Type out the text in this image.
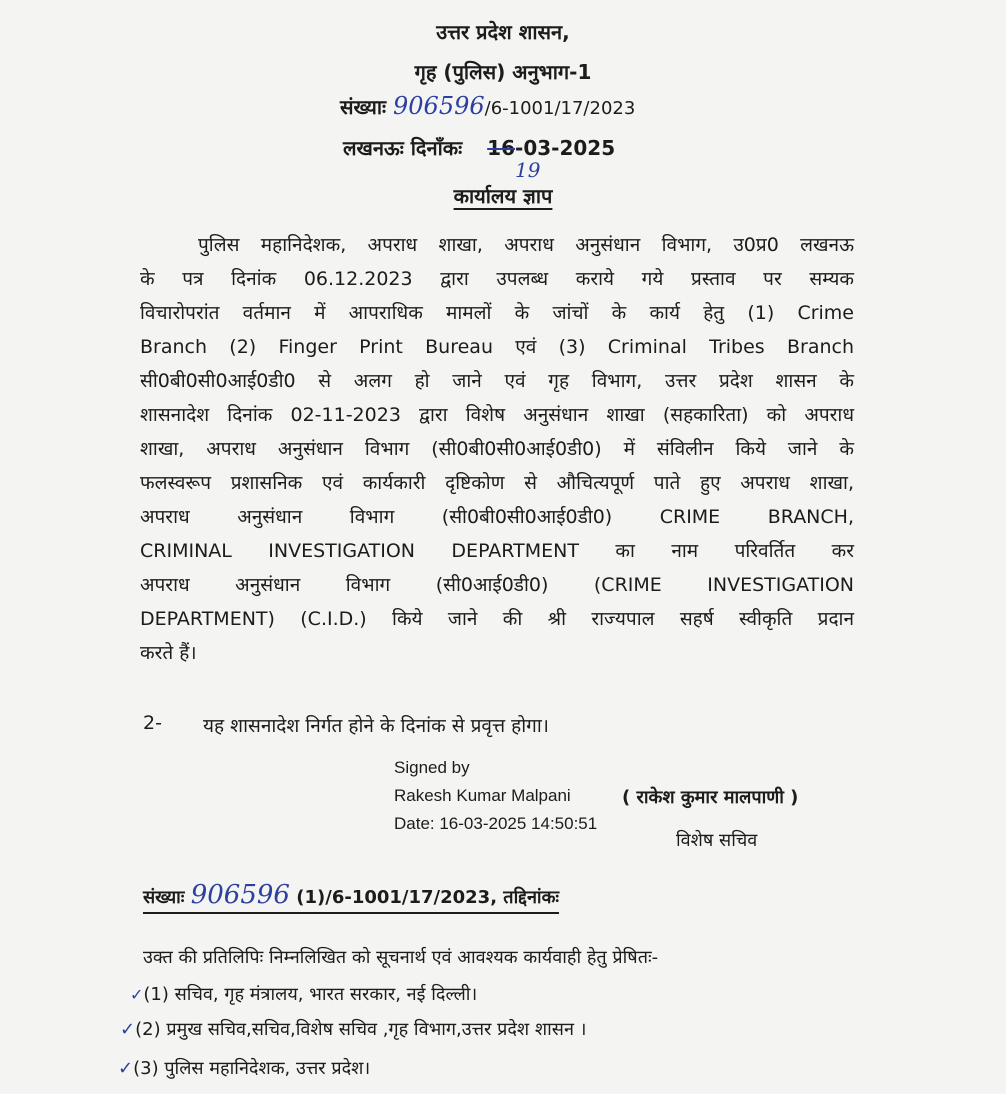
उत्तर प्रदेश शासन,
गृह (पुलिस) अनुभाग-1
संख्याः 906596/6-1001/17/2023
लखनऊः दिनाँकः 16-03-2025
19
कार्यालय ज्ञाप
पुलिस महानिदेशक, अपराध शाखा, अपराध अनुसंधान विभाग, उ0प्र0 लखनऊ
के पत्र दिनांक 06.12.2023 द्वारा उपलब्ध कराये गये प्रस्ताव पर सम्यक
विचारोपरांत वर्तमान में आपराधिक मामलों के जांचों के कार्य हेतु (1) Crime
Branch (2) Finger Print Bureau एवं (3) Criminal Tribes Branch
सी0बी0सी0आई0डी0 से अलग हो जाने एवं गृह विभाग, उत्तर प्रदेश शासन के
शासनादेश दिनांक 02-11-2023 द्वारा विशेष अनुसंधान शाखा (सहकारिता) को अपराध
शाखा, अपराध अनुसंधान विभाग (सी0बी0सी0आई0डी0) में संविलीन किये जाने के
फलस्वरूप प्रशासनिक एवं कार्यकारी दृष्टिकोण से औचित्यपूर्ण पाते हुए अपराध शाखा,
अपराध अनुसंधान विभाग (सी0बी0सी0आई0डी0) CRIME BRANCH,
CRIMINAL INVESTIGATION DEPARTMENT का नाम परिवर्तित कर
अपराध अनुसंधान विभाग (सी0आई0डी0) (CRIME INVESTIGATION
DEPARTMENT) (C.I.D.) किये जाने की श्री राज्यपाल सहर्ष स्वीकृति प्रदान
करते हैं।
2- यह शासनादेश निर्गत होने के दिनांक से प्रवृत्त होगा।
Signed by
Rakesh Kumar Malpani
Date: 16-03-2025 14:50:51
( राकेश कुमार मालपाणी )
विशेष सचिव
संख्याः 906596 (1)/6-1001/17/2023, तद्दिनांकः
उक्त की प्रतिलिपिः निम्नलिखित को सूचनार्थ एवं आवश्यक कार्यवाही हेतु प्रेषितः-
✓(1) सचिव, गृह मंत्रालय, भारत सरकार, नई दिल्ली।
✓(2) प्रमुख सचिव,सचिव,विशेष सचिव ,गृह विभाग,उत्तर प्रदेश शासन ।
✓(3) पुलिस महानिदेशक, उत्तर प्रदेश।
